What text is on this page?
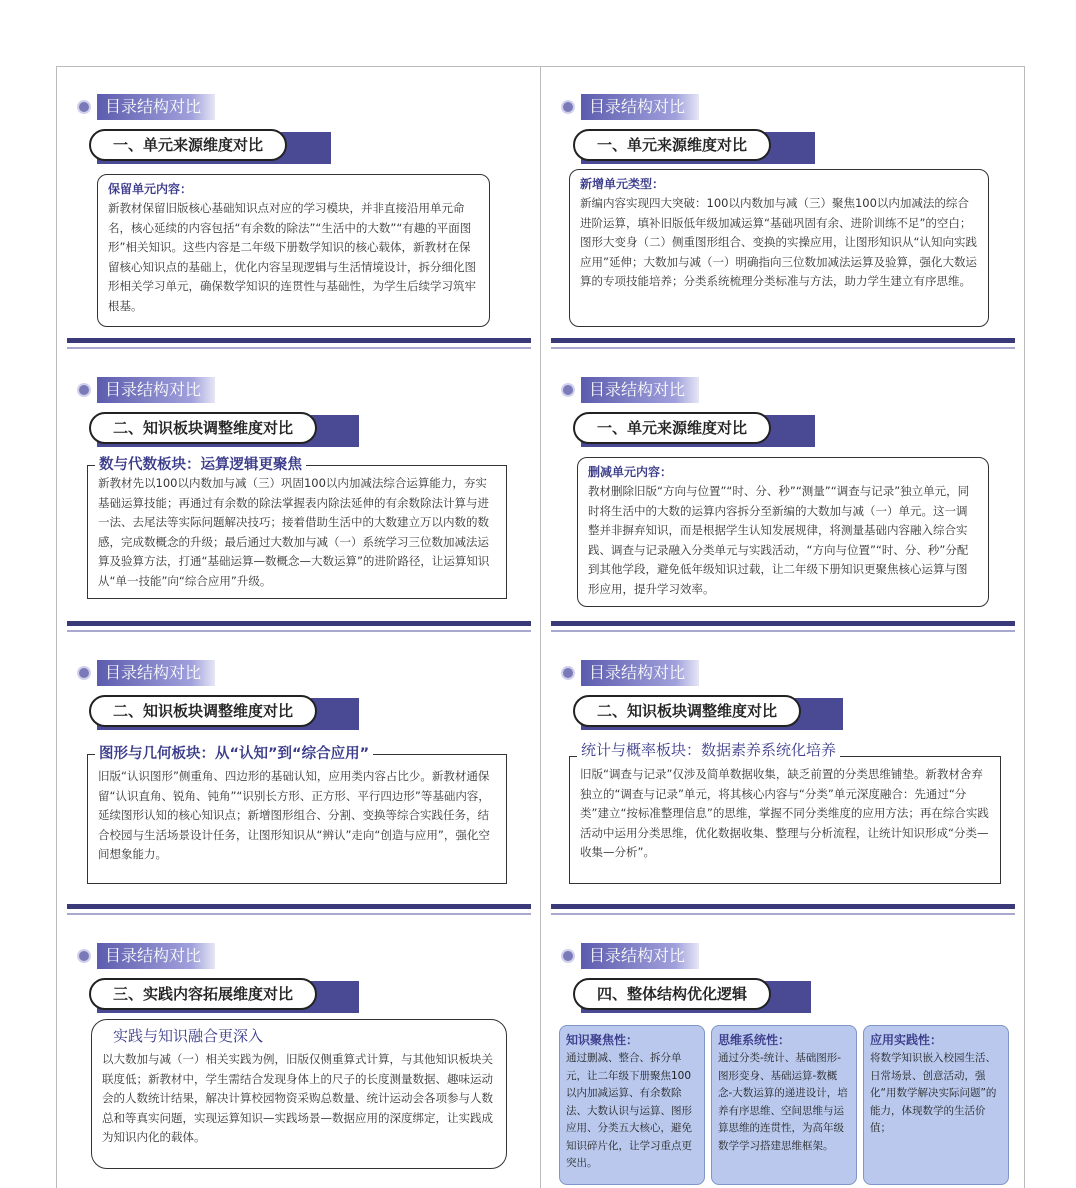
目录结构对比
一、单元来源维度对比
保留单元内容：
新教材保留旧版核心基础知识点对应的学习模块，并非直接沿用单元命名，核心延续的内容包括“有余数的除法”“生活中的大数”“有趣的平面图形”相关知识。这些内容是二年级下册数学知识的核心载体，新教材在保留核心知识点的基础上，优化内容呈现逻辑与生活情境设计，拆分细化图形相关学习单元，确保数学知识的连贯性与基础性，为学生后续学习筑牢根基。
目录结构对比
一、单元来源维度对比
新增单元类型：
新编内容实现四大突破：100以内数加与减（三）聚焦100以内加减法的综合进阶运算，填补旧版低年级加减运算“基础巩固有余、进阶训练不足”的空白；图形大变身（二）侧重图形组合、变换的实操应用，让图形知识从“认知向实践应用”延伸；大数加与减（一）明确指向三位数加减法运算及验算，强化大数运算的专项技能培养；分类系统梳理分类标准与方法，助力学生建立有序思维。
目录结构对比
二、知识板块调整维度对比
新教材先以100以内数加与减（三）巩固100以内加减法综合运算能力，夯实基础运算技能；再通过有余数的除法掌握表内除法延伸的有余数除法计算与进一法、去尾法等实际问题解决技巧；接着借助生活中的大数建立万以内数的数感，完成数概念的升级；最后通过大数加与减（一）系统学习三位数加减法运算及验算方法，打通“基础运算—数概念—大数运算”的进阶路径，让运算知识从“单一技能”向“综合应用”升级。
数与代数板块：运算逻辑更聚焦
目录结构对比
一、单元来源维度对比
删减单元内容：
教材删除旧版“方向与位置”“时、分、秒”“测量”“调查与记录”独立单元，同时将生活中的大数的运算内容拆分至新编的大数加与减（一）单元。这一调整并非摒弃知识，而是根据学生认知发展规律，将测量基础内容融入综合实践、调查与记录融入分类单元与实践活动，“方向与位置”“时、分、秒”分配到其他学段，避免低年级知识过载，让二年级下册知识更聚焦核心运算与图形应用，提升学习效率。
目录结构对比
二、知识板块调整维度对比
旧版“认识图形”侧重角、四边形的基础认知，应用类内容占比少。新教材通保留“认识直角、锐角、钝角”“识别长方形、正方形、平行四边形”等基础内容，延续图形认知的核心知识点；新增图形组合、分割、变换等综合实践任务，结合校园与生活场景设计任务，让图形知识从“辨认”走向“创造与应用”，强化空间想象能力。
图形与几何板块：从“认知”到“综合应用”
目录结构对比
二、知识板块调整维度对比
旧版“调查与记录”仅涉及简单数据收集，缺乏前置的分类思维铺垫。新教材舍弃独立的“调查与记录”单元，将其核心内容与“分类”单元深度融合：先通过“分类”建立“按标准整理信息”的思维，掌握不同分类维度的应用方法；再在综合实践活动中运用分类思维，优化数据收集、整理与分析流程，让统计知识形成“分类—收集—分析”。
统计与概率板块：数据素养系统化培养
目录结构对比
三、实践内容拓展维度对比
以大数加与减（一）相关实践为例，旧版仅侧重算式计算，与其他知识板块关联度低；新教材中，学生需结合发现身体上的尺子的长度测量数据、趣味运动会的人数统计结果，解决计算校园物资采购总数量、统计运动会各项参与人数总和等真实问题，实现运算知识—实践场景—数据应用的深度绑定，让实践成为知识内化的载体。
实践与知识融合更深入
目录结构对比
四、整体结构优化逻辑
知识聚焦性：
通过删减、整合、拆分单元，让二年级下册聚焦100以内加减运算、有余数除法、大数认识与运算、图形应用、分类五大核心，避免知识碎片化，让学习重点更突出。
思维系统性：
通过分类-统计、基础图形-图形变身、基础运算-数概念-大数运算的递进设计，培养有序思维、空间思维与运算思维的连贯性，为高年级数学学习搭建思维框架。
应用实践性：
将数学知识嵌入校园生活、日常场景、创意活动，强化“用数学解决实际问题”的能力，体现数学的生活价值；
